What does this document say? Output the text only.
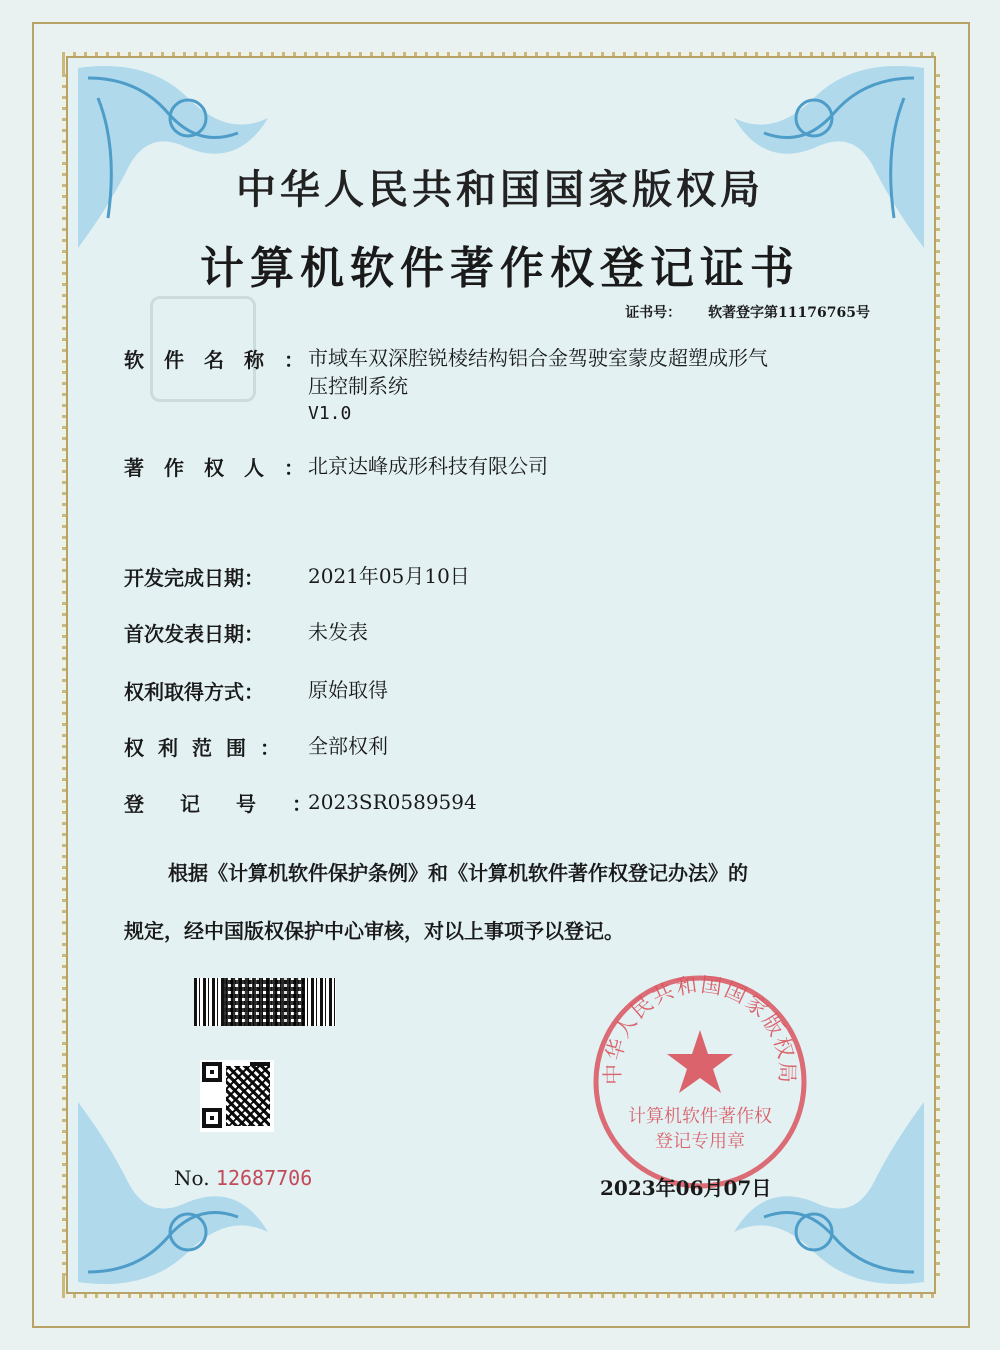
中华人民共和国国家版权局
计算机软件著作权登记证书
证书号： 软著登字第11176765号
软件名称：
市域车双深腔锐棱结构铝合金驾驶室蒙皮超塑成形气
压控制系统
V1.0
著作权人：
北京达峰成形科技有限公司
开发完成日期：	2021年05月10日
首次发表日期：	未发表
权利取得方式：	原始取得
权利范围： 全部权利
登记号：
2023SR0589594
根据《计算机软件保护条例》和《计算机软件著作权登记办法》的
规定，经中国版权保护中心审核，对以上事项予以登记。
No. 12687706
中华人民共和国国家版权局
计算机软件著作权
登记专用章
2023年06月07日
